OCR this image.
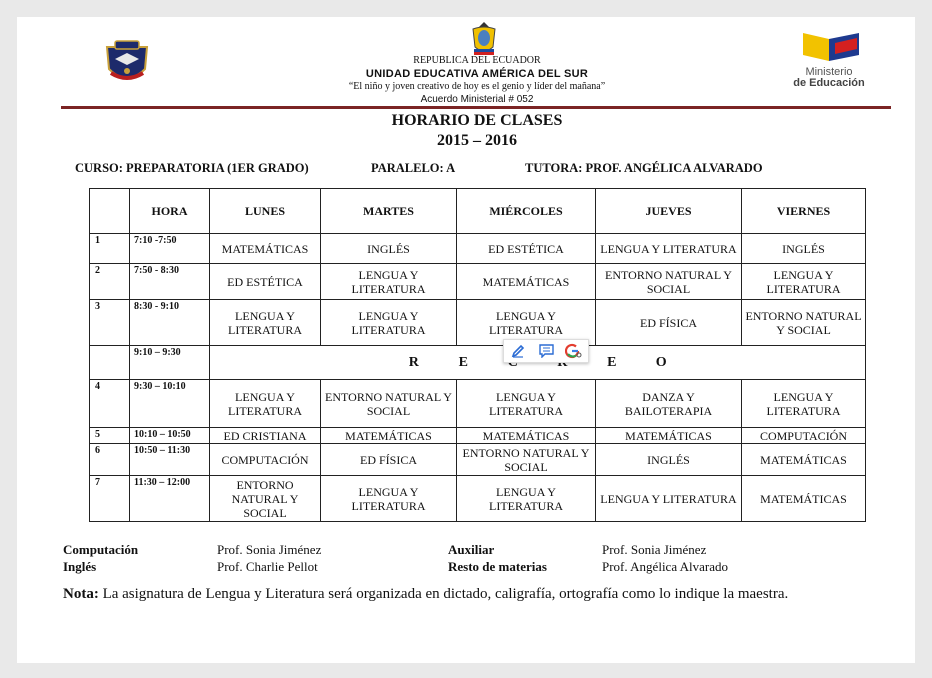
Ministerio
de Educación
REPUBLICA DEL ECUADOR
UNIDAD EDUCATIVA AMÉRICA DEL SUR
“El niño y joven creativo de hoy es el genio y líder del mañana”
Acuerdo Ministerial # 052
HORARIO DE CLASES
2015 – 2016
CURSO: PREPARATORIA (1ER GRADO)	PARALELO: A	TUTORA: PROF. ANGÉLICA ALVARADO
	HORA	LUNES	MARTES	MIÉRCOLES	JUEVES	VIERNES
1	7:10 -7:50	MATEMÁTICAS	INGLÉS	ED ESTÉTICA	LENGUA Y LITERATURA	INGLÉS
2	7:50 - 8:30	ED ESTÉTICA	LENGUA Y LITERATURA	MATEMÁTICAS	ENTORNO NATURAL Y SOCIAL	LENGUA Y LITERATURA
3	8:30 - 9:10	LENGUA Y LITERATURA	LENGUA Y LITERATURA	LENGUA Y LITERATURA	ED FÍSICA	ENTORNO NATURAL Y SOCIAL
	9:10 – 9:30	R E E O				
4	9:30 – 10:10	LENGUA Y LITERATURA	ENTORNO NATURAL Y SOCIAL	LENGUA Y LITERATURA	DANZA Y BAILOTERAPIA	LENGUA Y LITERATURA
5	10:10 – 10:50	ED CRISTIANA	MATEMÁTICAS	MATEMÁTICAS	MATEMÁTICAS	COMPUTACIÓN
6	10:50 – 11:30	COMPUTACIÓN	ED FÍSICA	ENTORNO NATURAL Y SOCIAL	INGLÉS	MATEMÁTICAS
7	11:30 – 12:00	ENTORNO NATURAL Y SOCIAL	LENGUA Y LITERATURA	LENGUA Y LITERATURA	LENGUA Y LITERATURA	MATEMÁTICAS
Computación	Prof. Sonia Jiménez
Inglés	Prof. Charlie Pellot
Auxiliar	Prof. Sonia Jiménez
Resto de materias	Prof. Angélica Alvarado
Nota: La asignatura de Lengua y Literatura será organizada en dictado, caligrafía, ortografía como lo indique la maestra.
